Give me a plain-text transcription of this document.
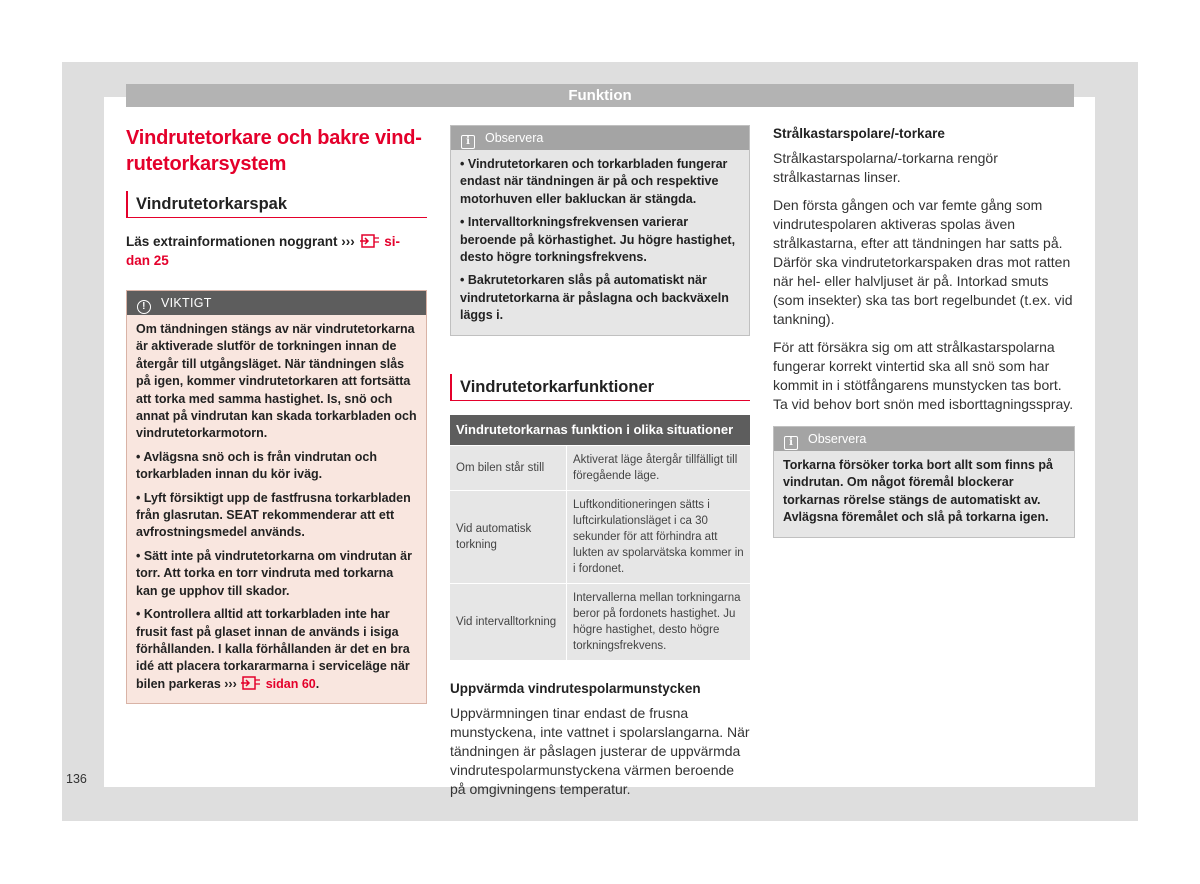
Funktion
Vindrutetorkare och bakre vind-
rutetorkarsystem
Vindrutetorkarspak
Läs extrainformationen noggrant ››› si-
dan 25
! VIKTIGT

Om tändningen stängs av när vindrutetorkarna är aktiverade slutför de torkningen innan de återgår till utgångsläget. När tändningen slås på igen, kommer vindrutetorkaren att fortsätta att torka med samma hastighet. Is, snö och annat på vindrutan kan skada torkarbladen och vindrutetorkarmotorn.

• Avlägsna snö och is från vindrutan och torkarbladen innan du kör iväg.

• Lyft försiktigt upp de fastfrusna torkarbladen från glasrutan. SEAT rekommenderar att ett avfrostningsmedel används.

• Sätt inte på vindrutetorkarna om vindrutan är torr. Att torka en torr vindruta med torkarna kan ge upphov till skador.

• Kontrollera alltid att torkarbladen inte har frusit fast på glaset innan de används i isiga förhållanden. I kalla förhållanden är det en bra idé att placera torkararmarna i serviceläge när bilen parkeras ››› sidan 60.

i Observera

• Vindrutetorkaren och torkarbladen fungerar endast när tändningen är på och respektive motorhuven eller bakluckan är stängda.

• Intervalltorkningsfrekvensen varierar beroende på körhastighet. Ju högre hastighet, desto högre torkningsfrekvens.

• Bakrutetorkaren slås på automatiskt när vindrutetorkarna är påslagna och backväxeln läggs i.

Vindrutetorkarfunktioner
Vindrutetorkarnas funktion i olika situationer	
Om bilen står still	Aktiverat läge återgår tillfälligt till föregående läge.
Vid automatisk torkning	Luftkonditioneringen sätts i luftcirkulationsläget i ca 30 sekunder för att förhindra att lukten av spolarvätska kommer in i fordonet.
Vid intervalltorkning	Intervallerna mellan torkningarna beror på fordonets hastighet. Ju högre hastighet, desto högre torkningsfrekvens.
Uppvärmda vindrutespolarmunstycken

Uppvärmningen tinar endast de frusna munstyckena, inte vattnet i spolarslangarna. När tändningen är påslagen justerar de uppvärmda vindrutespolarmunstyckena värmen beroende på omgivningens temperatur.

Strålkastarspolare/-torkare

Strålkastarspolarna/-torkarna rengör strålkastarnas linser.

Den första gången och var femte gång som vindrutespolaren aktiveras spolas även strålkastarna, efter att tändningen har satts på. Därför ska vindrutetorkarspaken dras mot ratten när hel- eller halvljuset är på. Intorkad smuts (som insekter) ska tas bort regelbundet (t.ex. vid tankning).

För att försäkra sig om att strålkastarspolarna fungerar korrekt vintertid ska all snö som har kommit in i stötfångarens munstycken tas bort. Ta vid behov bort snön med isborttagningsspray.

i Observera

Torkarna försöker torka bort allt som finns på vindrutan. Om något föremål blockerar torkarnas rörelse stängs de automatiskt av. Avlägsna föremålet och slå på torkarna igen.

136
